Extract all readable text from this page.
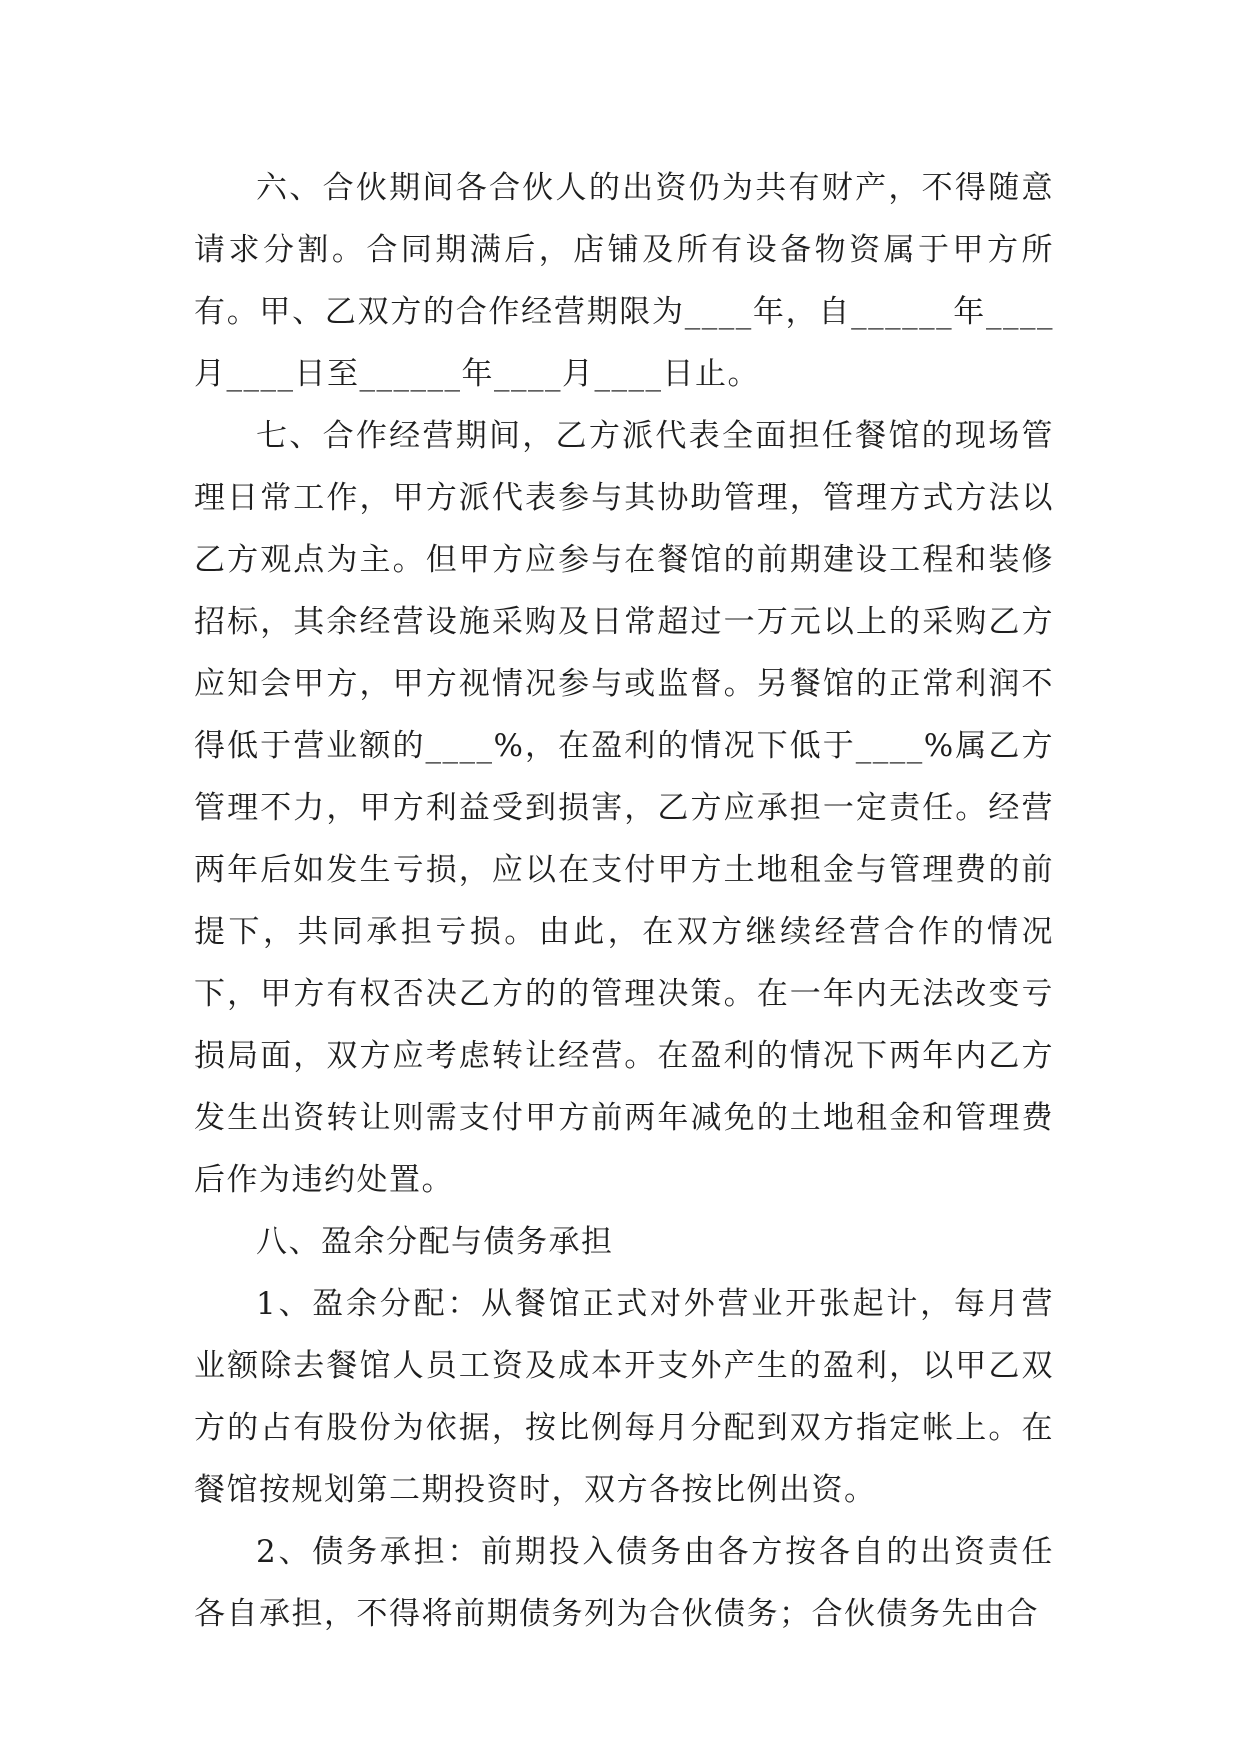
六、合伙期间各合伙人的出资仍为共有财产，不得随意请求分割。合同期满后，店铺及所有设备物资属于甲方所有。甲、乙双方的合作经营期限为____年，自______年____月____日至______年____月____日止。

七、合作经营期间，乙方派代表全面担任餐馆的现场管理日常工作，甲方派代表参与其协助管理，管理方式方法以乙方观点为主。但甲方应参与在餐馆的前期建设工程和装修招标，其余经营设施采购及日常超过一万元以上的采购乙方应知会甲方，甲方视情况参与或监督。另餐馆的正常利润不得低于营业额的____%，在盈利的情况下低于____%属乙方管理不力，甲方利益受到损害，乙方应承担一定责任。经营两年后如发生亏损，应以在支付甲方土地租金与管理费的前提下，共同承担亏损。由此，在双方继续经营合作的情况下，甲方有权否决乙方的的管理决策。在一年内无法改变亏损局面，双方应考虑转让经营。在盈利的情况下两年内乙方发生出资转让则需支付甲方前两年减免的土地租金和管理费后作为违约处置。

八、盈余分配与债务承担

1、盈余分配：从餐馆正式对外营业开张起计，每月营业额除去餐馆人员工资及成本开支外产生的盈利，以甲乙双方的占有股份为依据，按比例每月分配到双方指定帐上。在餐馆按规划第二期投资时，双方各按比例出资。

2、债务承担：前期投入债务由各方按各自的出资责任各自承担，不得将前期债务列为合伙债务；合伙债务先由合
